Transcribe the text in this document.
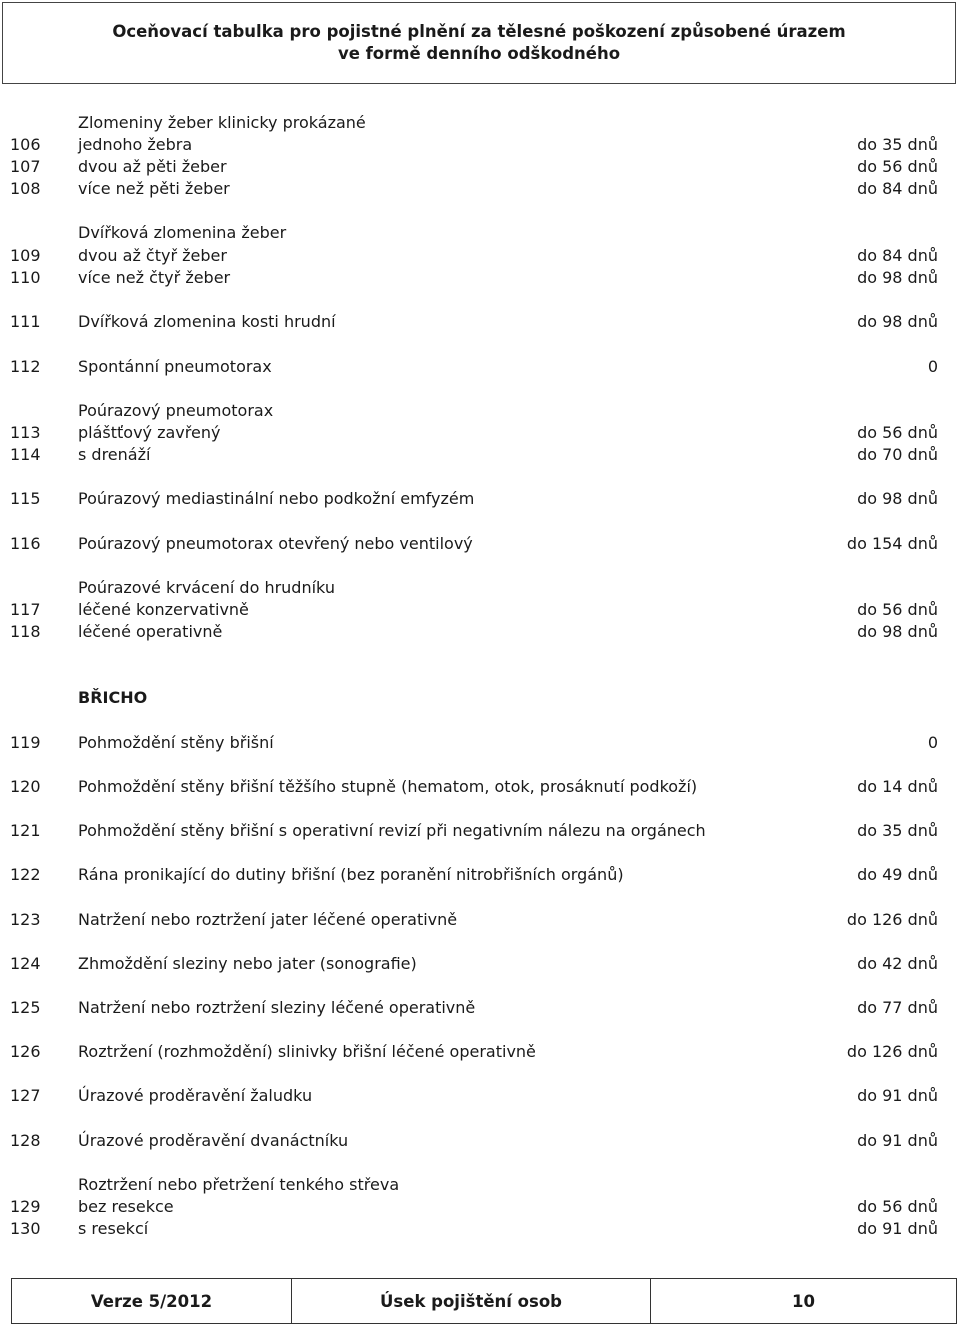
Oceňovací tabulka pro pojistné plnění za tělesné poškození způsobené úrazem
ve formě denního odškodného
Zlomeniny žeber klinicky prokázané
106 jednoho žebra	do 35 dnů
107 dvou až pěti žeber	do 56 dnů
108 více než pěti žeber	do 84 dnů
Dvířková zlomenina žeber
109 dvou až čtyř žeber	do 84 dnů
110 více než čtyř žeber	do 98 dnů
111 Dvířková zlomenina kosti hrudní	do 98 dnů
112 Spontánní pneumotorax	0
Poúrazový pneumotorax
113 pláštťový zavřený	do 56 dnů
114 s drenáží	do 70 dnů
115 Poúrazový mediastinální nebo podkožní emfyzém	do 98 dnů
116 Poúrazový pneumotorax otevřený nebo ventilový	do 154 dnů
Poúrazové krvácení do hrudníku
117 léčené konzervativně	do 56 dnů
118 léčené operativně	do 98 dnů
BŘICHO
119 Pohmoždění stěny břišní	0
120 Pohmoždění stěny břišní těžšího stupně (hematom, otok, prosáknutí podkoží)	do 14 dnů
121 Pohmoždění stěny břišní s operativní revizí při negativním nálezu na orgánech	do 35 dnů
122 Rána pronikající do dutiny břišní (bez poranění nitrobřišních orgánů)	do 49 dnů
123 Natržení nebo roztržení jater léčené operativně	do 126 dnů
124 Zhmoždění sleziny nebo jater (sonografie)	do 42 dnů
125 Natržení nebo roztržení sleziny léčené operativně	do 77 dnů
126 Roztržení (rozhmoždění) slinivky břišní léčené operativně	do 126 dnů
127 Úrazové proděravění žaludku	do 91 dnů
128 Úrazové proděravění dvanáctníku	do 91 dnů
Roztržení nebo přetržení tenkého střeva
129 bez resekce	do 56 dnů
130 s resekcí	do 91 dnů
Verze 5/2012	Úsek pojištění osob	10
